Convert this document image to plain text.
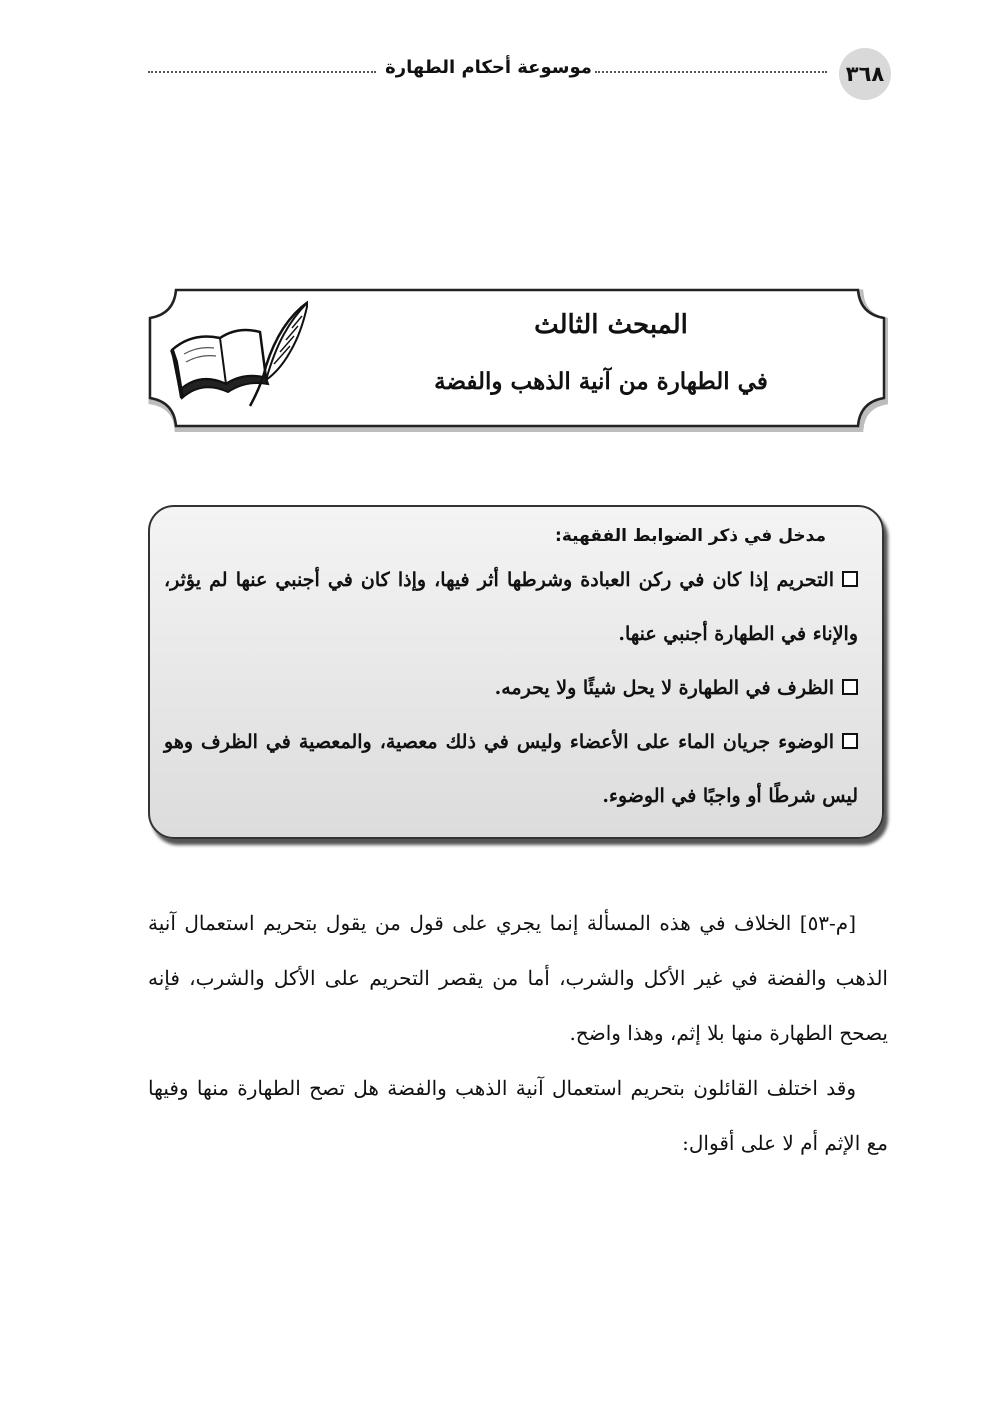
٣٦٨
موسوعة أحكام الطهارة
المبحث الثالث
في الطهارة من آنية الذهب والفضة
مدخل في ذكر الضوابط الفقهية:
التحريم إذا كان في ركن العبادة وشرطها أثر فيها، وإذا كان في أجنبي عنها لم يؤثر، والإناء في الطهارة أجنبي عنها.
الظرف في الطهارة لا يحل شيئًا ولا يحرمه.
الوضوء جريان الماء على الأعضاء وليس في ذلك معصية، والمعصية في الظرف وهو ليس شرطًا أو واجبًا في الوضوء.

[م-٥٣] الخلاف في هذه المسألة إنما يجري على قول من يقول بتحريم استعمال آنية الذهب والفضة في غير الأكل والشرب، أما من يقصر التحريم على الأكل والشرب، فإنه يصحح الطهارة منها بلا إثم، وهذا واضح.

وقد اختلف القائلون بتحريم استعمال آنية الذهب والفضة هل تصح الطهارة منها وفيها مع الإثم أم لا على أقوال:
